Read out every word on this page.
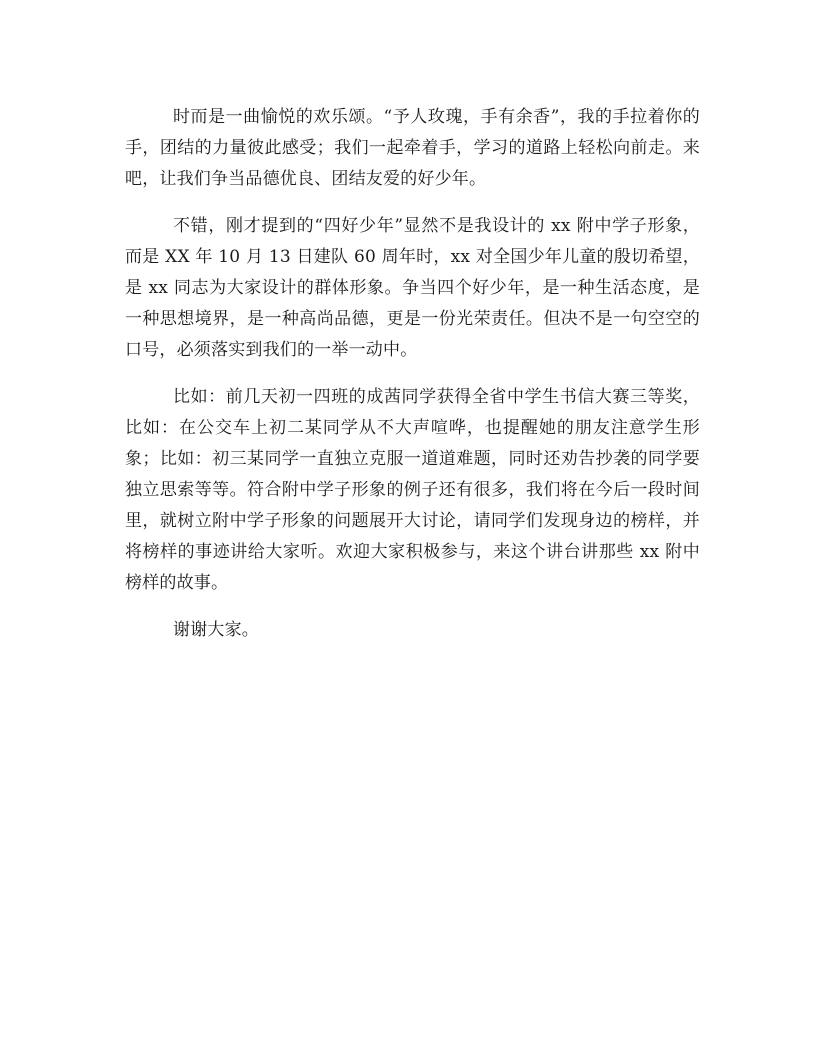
时而是一曲愉悦的欢乐颂。“予人玫瑰，手有余香”，我的手拉着你的手，团结的力量彼此感受；我们一起牵着手，学习的道路上轻松向前走。来吧，让我们争当品德优良、团结友爱的好少年。

不错，刚才提到的“四好少年”显然不是我设计的 xx 附中学子形象，而是 XX 年 10 月 13 日建队 60 周年时，xx 对全国少年儿童的殷切希望，是 xx 同志为大家设计的群体形象。争当四个好少年，是一种生活态度，是一种思想境界，是一种高尚品德，更是一份光荣责任。但决不是一句空空的口号，必须落实到我们的一举一动中。

比如：前几天初一四班的成茜同学获得全省中学生书信大赛三等奖，比如：在公交车上初二某同学从不大声喧哗，也提醒她的朋友注意学生形象；比如：初三某同学一直独立克服一道道难题，同时还劝告抄袭的同学要独立思索等等。符合附中学子形象的例子还有很多，我们将在今后一段时间里，就树立附中学子形象的问题展开大讨论，请同学们发现身边的榜样，并将榜样的事迹讲给大家听。欢迎大家积极参与，来这个讲台讲那些 xx 附中榜样的故事。

谢谢大家。
